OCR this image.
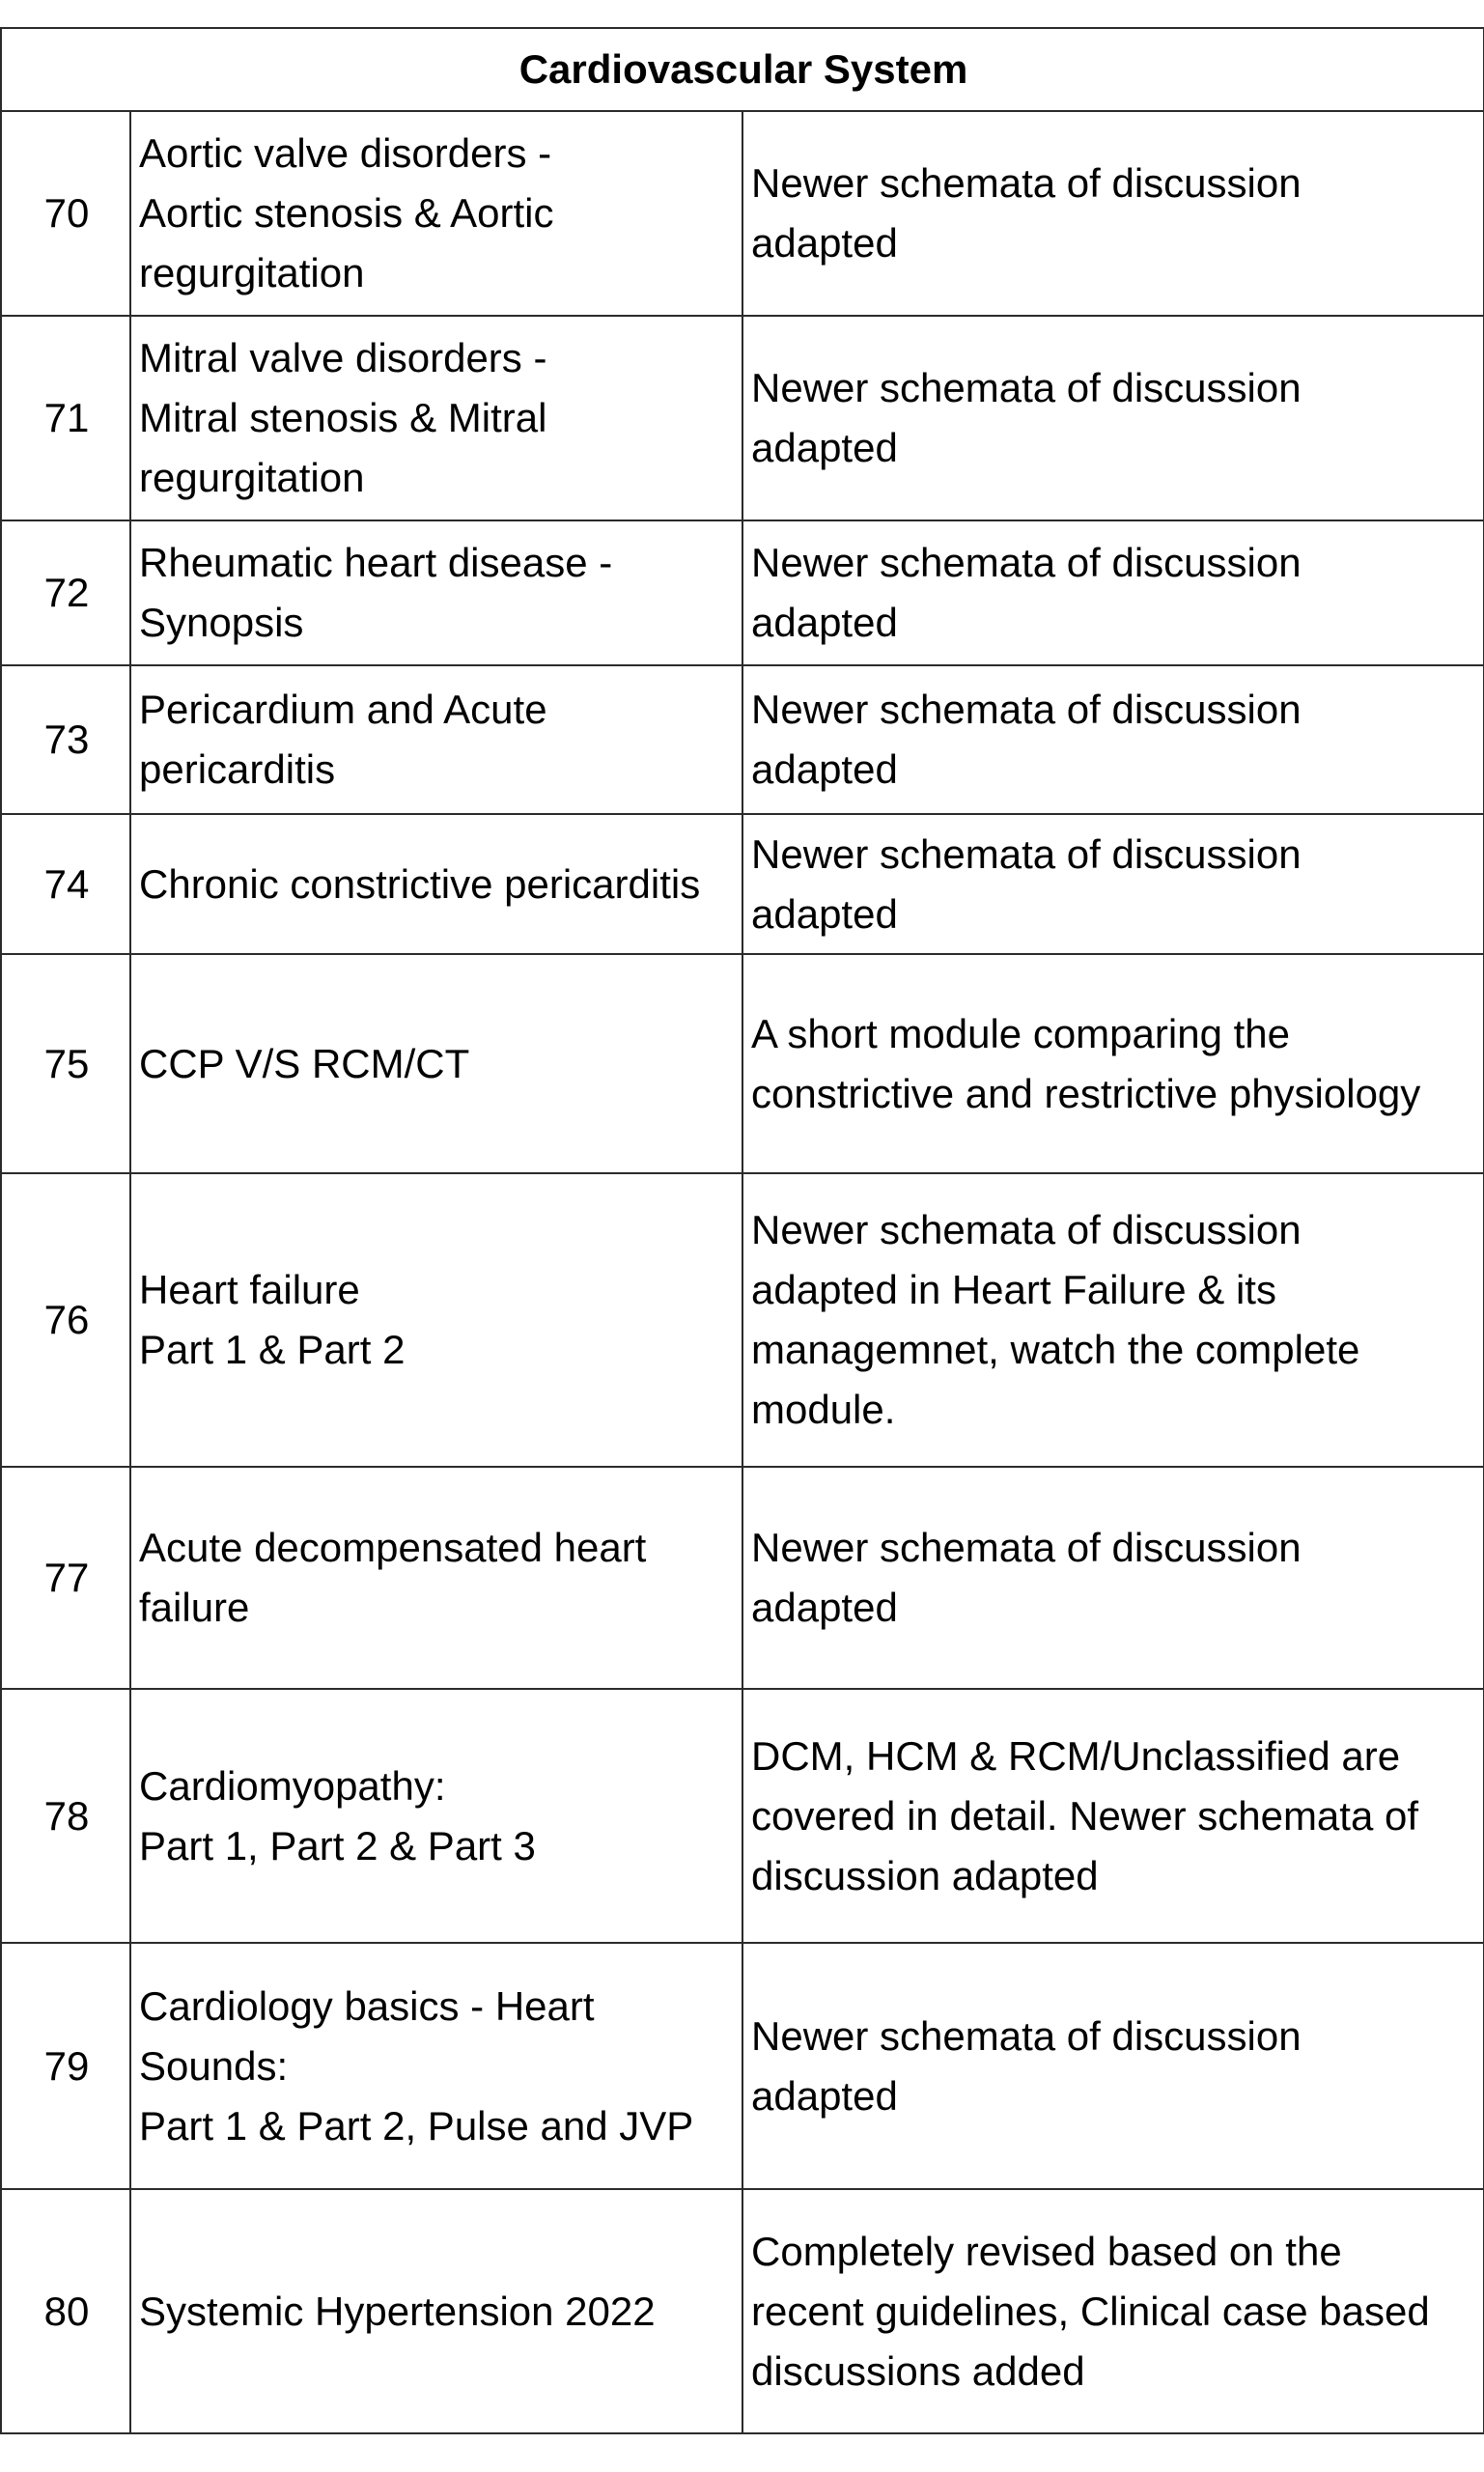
Cardiovascular System		
70	Aortic valve disorders -
Aortic stenosis & Aortic
regurgitation	Newer schemata of discussion
adapted
71	Mitral valve disorders -
Mitral stenosis & Mitral
regurgitation	Newer schemata of discussion
adapted
72	Rheumatic heart disease -
Synopsis	Newer schemata of discussion
adapted
73	Pericardium and Acute
pericarditis	Newer schemata of discussion
adapted
74	Chronic constrictive pericarditis	Newer schemata of discussion
adapted
75	CCP V/S RCM/CT	A short module comparing the
constrictive and restrictive physiology
76	Heart failure
Part 1 & Part 2	Newer schemata of discussion
adapted in Heart Failure & its
managemnet, watch the complete
module.
77	Acute decompensated heart
failure	Newer schemata of discussion
adapted
78	Cardiomyopathy:
Part 1, Part 2 & Part 3	DCM, HCM & RCM/Unclassified are
covered in detail. Newer schemata of
discussion adapted
79	Cardiology basics - Heart
Sounds:
Part 1 & Part 2, Pulse and JVP	Newer schemata of discussion
adapted
80	Systemic Hypertension 2022	Completely revised based on the
recent guidelines, Clinical case based
discussions added
